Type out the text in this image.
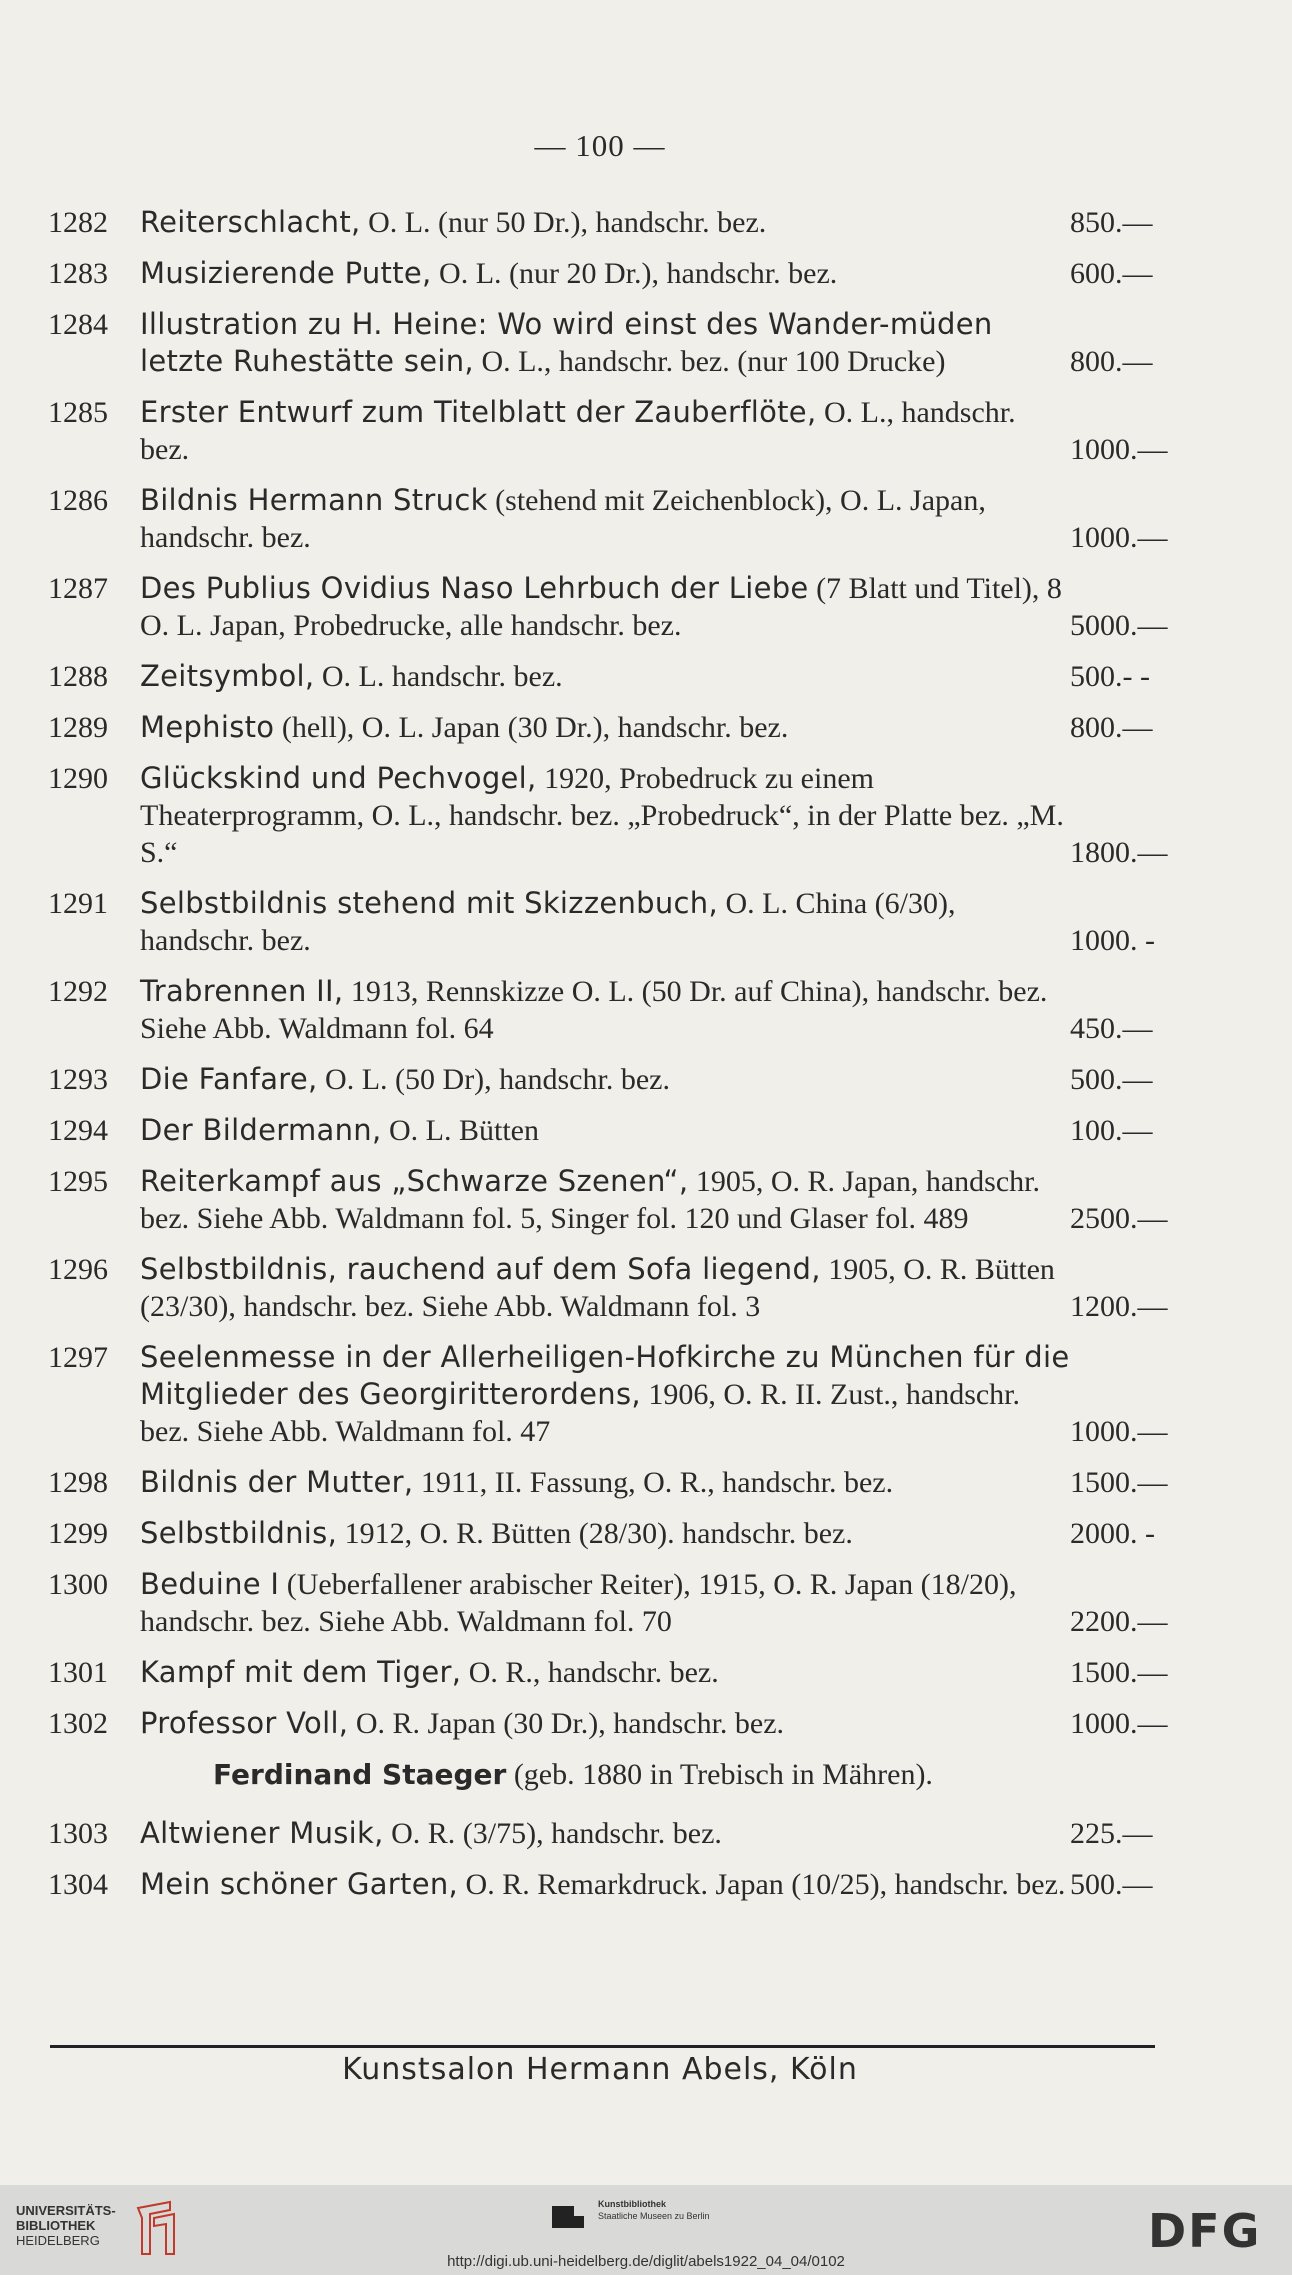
— 100 —
1282	Reiterschlacht, O. L. (nur 50 Dr.), handschr. bez.	850.—
1283	Musizierende Putte, O. L. (nur 20 Dr.), handschr. bez.	600.—
1284	Illustration zu H. Heine: Wo wird einst des Wander-müden letzte Ruhestätte sein, O. L., handschr. bez. (nur 100 Drucke)	800.—
1285	Erster Entwurf zum Titelblatt der Zauberflöte, O. L., handschr. bez.	1000.—
1286	Bildnis Hermann Struck (stehend mit Zeichenblock), O. L. Japan, handschr. bez.	1000.—
1287	Des Publius Ovidius Naso Lehrbuch der Liebe (7 Blatt und Titel), 8 O. L. Japan, Probedrucke, alle handschr. bez.	5000.—
1288	Zeitsymbol, O. L. handschr. bez.	500.- -
1289	Mephisto (hell), O. L. Japan (30 Dr.), handschr. bez.	800.—
1290	Glückskind und Pechvogel, 1920, Probedruck zu einem Theaterprogramm, O. L., handschr. bez. „Probedruck“, in der Platte bez. „M. S.“	1800.—
1291	Selbstbildnis stehend mit Skizzenbuch, O. L. China (6/30), handschr. bez.	1000. -
1292	Trabrennen II, 1913, Rennskizze O. L. (50 Dr. auf China), handschr. bez. Siehe Abb. Waldmann fol. 64	450.—
1293	Die Fanfare, O. L. (50 Dr), handschr. bez.	500.—
1294	Der Bildermann, O. L. Bütten	100.—
1295	Reiterkampf aus „Schwarze Szenen“, 1905, O. R. Japan, handschr. bez. Siehe Abb. Waldmann fol. 5, Singer fol. 120 und Glaser fol. 489	2500.—
1296	Selbstbildnis, rauchend auf dem Sofa liegend, 1905, O. R. Bütten (23/30), handschr. bez. Siehe Abb. Waldmann fol. 3	1200.—
1297	Seelenmesse in der Allerheiligen-Hofkirche zu München für die Mitglieder des Georgiritterordens, 1906, O. R. II. Zust., handschr. bez. Siehe Abb. Waldmann fol. 47	1000.—
1298	Bildnis der Mutter, 1911, II. Fassung, O. R., handschr. bez.	1500.—
1299	Selbstbildnis, 1912, O. R. Bütten (28/30). handschr. bez.	2000. -
1300	Beduine I (Ueberfallener arabischer Reiter), 1915, O. R. Japan (18/20), handschr. bez. Siehe Abb. Waldmann fol. 70	2200.—
1301	Kampf mit dem Tiger, O. R., handschr. bez.	1500.—
1302	Professor Voll, O. R. Japan (30 Dr.), handschr. bez.	1000.—
Ferdinand Staeger (geb. 1880 in Trebisch in Mähren).
1303	Altwiener Musik, O. R. (3/75), handschr. bez.	225.—
1304	Mein schöner Garten, O. R. Remarkdruck. Japan (10/25), handschr. bez. 500.—
Kunstsalon Hermann Abels, Köln
UNIVERSITÄTS-
BIBLIOTHEK
HEIDELBERG
Kunstbibliothek
Staatliche Museen zu Berlin	DFG
http://digi.ub.uni-heidelberg.de/diglit/abels1922_04_04/0102
